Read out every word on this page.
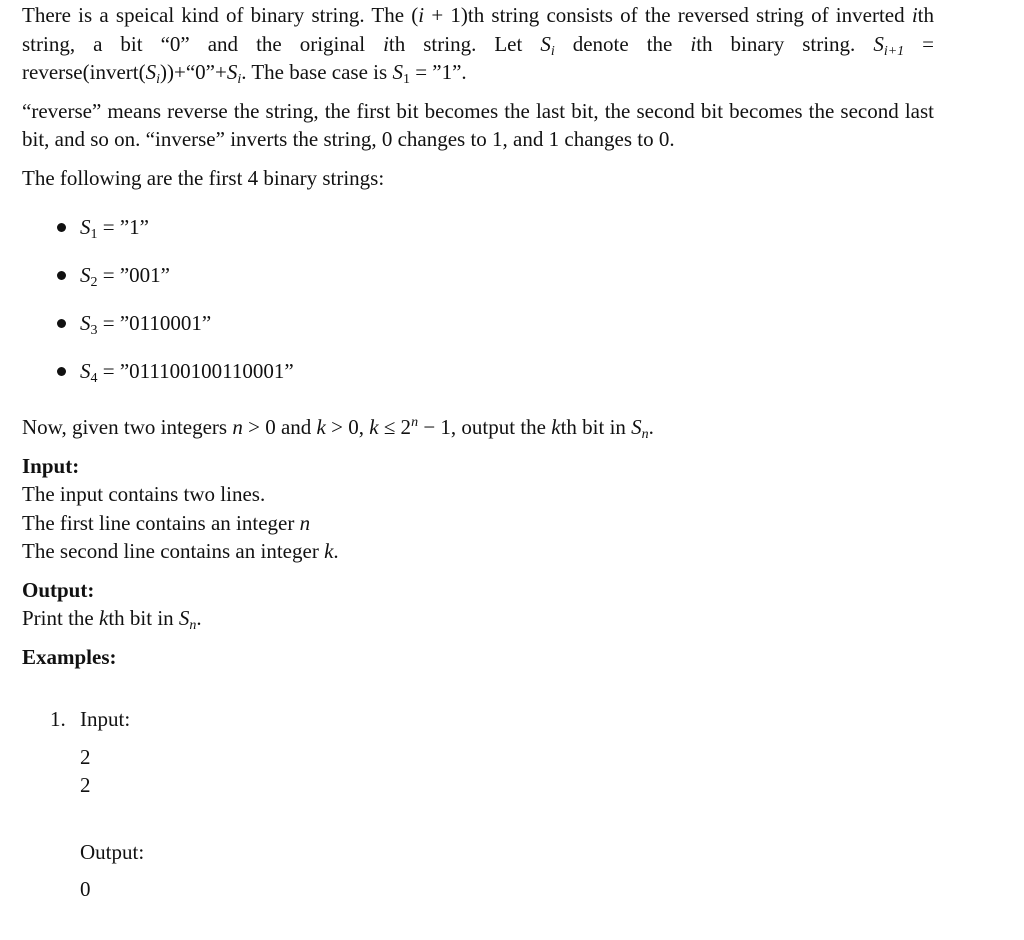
There is a speical kind of binary string. The (i + 1)th string consists of the reversed string of inverted ith string, a bit “0” and the original ith string. Let $S_i$ denote the ith binary string. $S_{i+1}$ = $reverse(invert(S_i))+“0”+S_i$. The base case is $S_1$ = ”1”.

“reverse” means reverse the string, the first bit becomes the last bit, the second bit becomes the second last bit, and so on. “inverse” inverts the string, 0 changes to 1, and 1 changes to 0.

The following are the first 4 binary strings:

$S_1$ = ”1”
$S_2$ = ”001”
$S_3$ = ”0110001”
$S_4$ = ”011100100110001”

Now, given two integers n > 0 and k > 0, $k \le 2^n - 1$, output the kth bit in $S_n$.

Input:

The input contains two lines.

The first line contains an integer n

The second line contains an integer k.

Output:

Print the kth bit in $S_n$.

Examples:

1. Input:

2
2

Output:

0
